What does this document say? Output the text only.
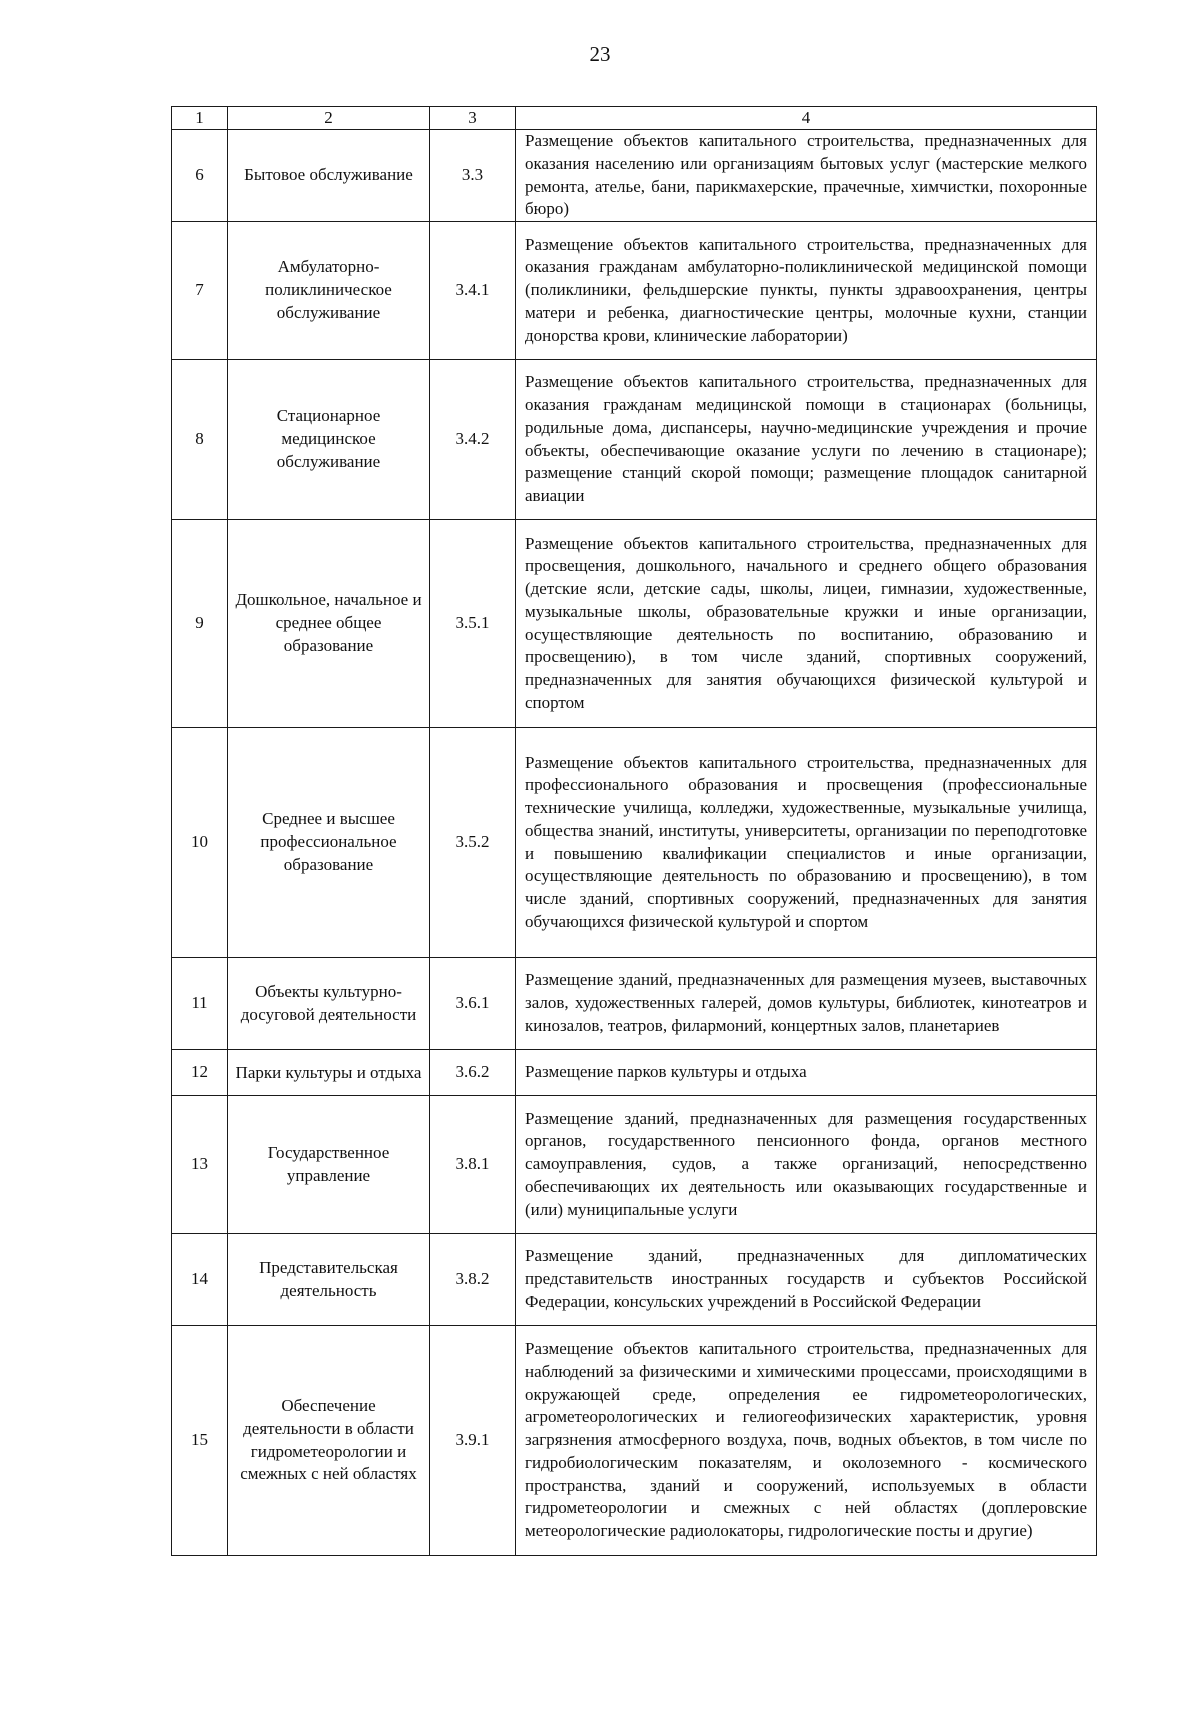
23
1	2	3	4
6	Бытовое обслуживание	3.3	Размещение объектов капитального строительства, предназначенных для оказания населению или организациям бытовых услуг (мастерские мелкого ремонта, ателье, бани, парикмахерские, прачечные, химчистки, похоронные бюро)
7	Амбулаторно-поликлиническое обслуживание	3.4.1	Размещение объектов капитального строительства, предназначенных для оказания гражданам амбулаторно-поликлинической медицинской помощи (поликлиники, фельдшерские пункты, пункты здравоохранения, центры матери и ребенка, диагностические центры, молочные кухни, станции донорства крови, клинические лаборатории)
8	Стационарное медицинское обслуживание	3.4.2	Размещение объектов капитального строительства, предназначенных для оказания гражданам медицинской помощи в стационарах (больницы, родильные дома, диспансеры, научно-медицинские учреждения и прочие объекты, обеспечивающие оказание услуги по лечению в стационаре); размещение станций скорой помощи; размещение площадок санитарной авиации
9	Дошкольное, начальное и среднее общее образование	3.5.1	Размещение объектов капитального строительства, предназначенных для просвещения, дошкольного, начального и среднего общего образования (детские ясли, детские сады, школы, лицеи, гимназии, художественные, музыкальные школы, образовательные кружки и иные организации, осуществляющие деятельность по воспитанию, образованию и просвещению), в том числе зданий, спортивных сооружений, предназначенных для занятия обучающихся физической культурой и спортом
10	Среднее и высшее профессиональное образование	3.5.2	Размещение объектов капитального строительства, предназначенных для профессионального образования и просвещения (профессиональные технические училища, колледжи, художественные, музыкальные училища, общества знаний, институты, университеты, организации по переподготовке и повышению квалификации специалистов и иные организации, осуществляющие деятельность по образованию и просвещению), в том числе зданий, спортивных сооружений, предназначенных для занятия обучающихся физической культурой и спортом
11	Объекты культурно-досуговой деятельности	3.6.1	Размещение зданий, предназначенных для размещения музеев, выставочных залов, художественных галерей, домов культуры, библиотек, кинотеатров и кинозалов, театров, филармоний, концертных залов, планетариев
12	Парки культуры и отдыха	3.6.2	Размещение парков культуры и отдыха
13	Государственное управление	3.8.1	Размещение зданий, предназначенных для размещения государственных органов, государственного пенсионного фонда, органов местного самоуправления, судов, а также организаций, непосредственно обеспечивающих их деятельность или оказывающих государственные и (или) муниципальные услуги
14	Представительская деятельность	3.8.2	Размещение зданий, предназначенных для дипломатических представительств иностранных государств и субъектов Российской Федерации, консульских учреждений в Российской Федерации
15	Обеспечение деятельности в области гидрометеорологии и смежных с ней областях	3.9.1	Размещение объектов капитального строительства, предназначенных для наблюдений за физическими и химическими процессами, происходящими в окружающей среде, определения ее гидрометеорологических, агрометеорологических и гелиогеофизических характеристик, уровня загрязнения атмосферного воздуха, почв, водных объектов, в том числе по гидробиологическим показателям, и околоземного - космического пространства, зданий и сооружений, используемых в области гидрометеорологии и смежных с ней областях (доплеровские метеорологические радиолокаторы, гидрологические посты и другие)
